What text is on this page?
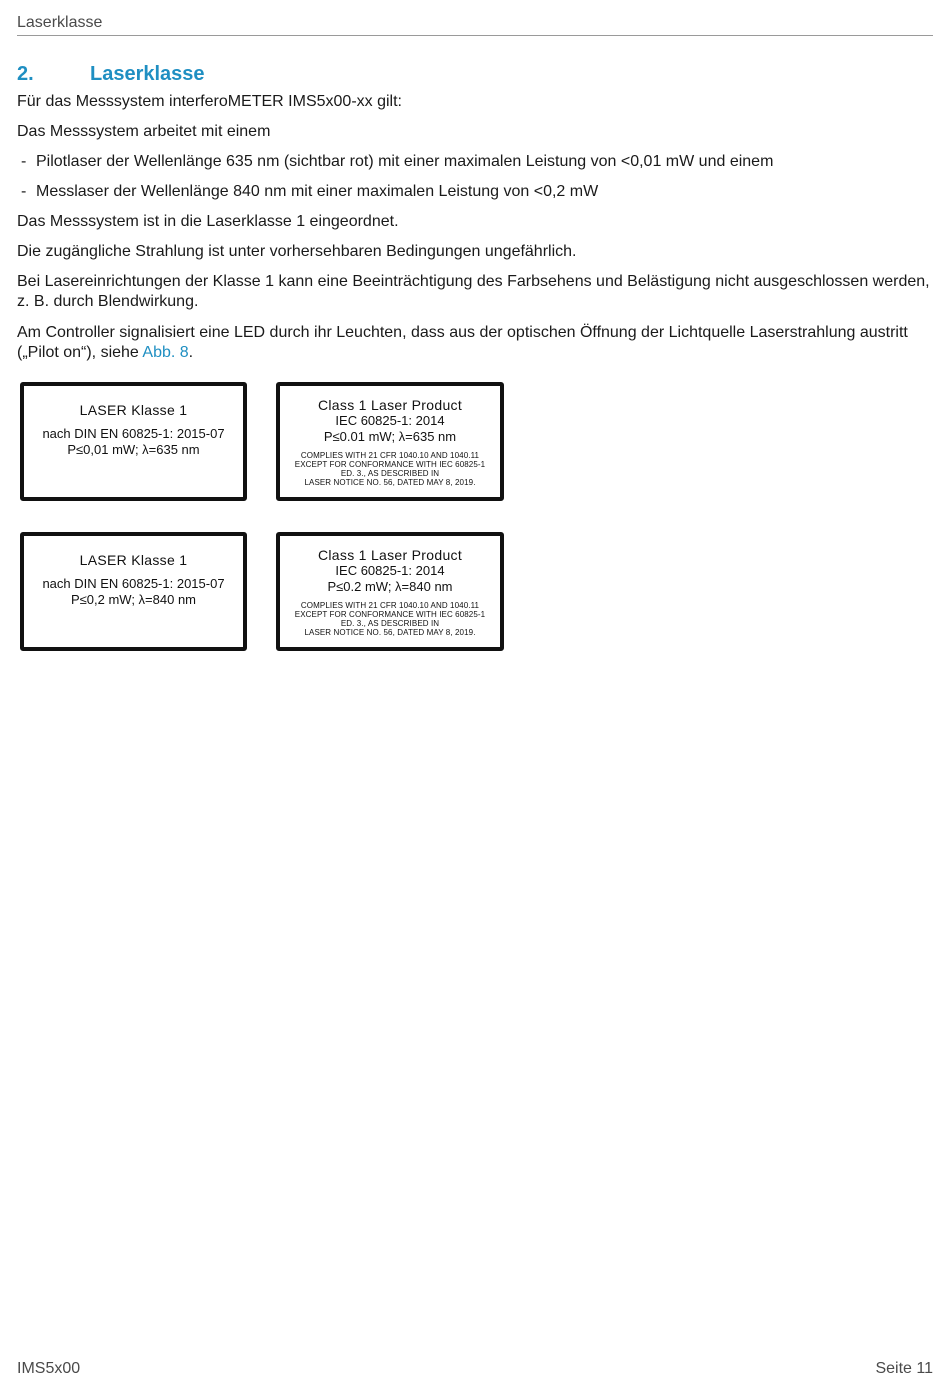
Laserklasse
2.	Laserklasse
Für das Messsystem interferoMETER IMS5x00-xx gilt:
Das Messsystem arbeitet mit einem
- Pilotlaser der Wellenlänge 635 nm (sichtbar rot) mit einer maximalen Leistung von <0,01 mW und einem
- Messlaser der Wellenlänge 840 nm mit einer maximalen Leistung von <0,2 mW
Das Messsystem ist in die Laserklasse 1 eingeordnet.
Die zugängliche Strahlung ist unter vorhersehbaren Bedingungen ungefährlich.
Bei Lasereinrichtungen der Klasse 1 kann eine Beeinträchtigung des Farbsehens und Belästigung nicht ausgeschlossen werden, z. B. durch Blendwirkung.
Am Controller signalisiert eine LED durch ihr Leuchten, dass aus der optischen Öffnung der Lichtquelle Laserstrahlung austritt („Pilot on“), siehe Abb. 8.
LASER Klasse 1
nach DIN EN 60825-1: 2015-07
P≤0,01 mW; λ=635 nm
Class 1 Laser Product
IEC 60825-1: 2014
P≤0.01 mW; λ=635 nm
COMPLIES WITH 21 CFR 1040.10 AND 1040.11
EXCEPT FOR CONFORMANCE WITH IEC 60825-1
ED. 3., AS DESCRIBED IN
LASER NOTICE NO. 56, DATED MAY 8, 2019.
LASER Klasse 1
nach DIN EN 60825-1: 2015-07
P≤0,2 mW; λ=840 nm
Class 1 Laser Product
IEC 60825-1: 2014
P≤0.2 mW; λ=840 nm
COMPLIES WITH 21 CFR 1040.10 AND 1040.11
EXCEPT FOR CONFORMANCE WITH IEC 60825-1
ED. 3., AS DESCRIBED IN
LASER NOTICE NO. 56, DATED MAY 8, 2019.
IMS5x00	Seite 11
